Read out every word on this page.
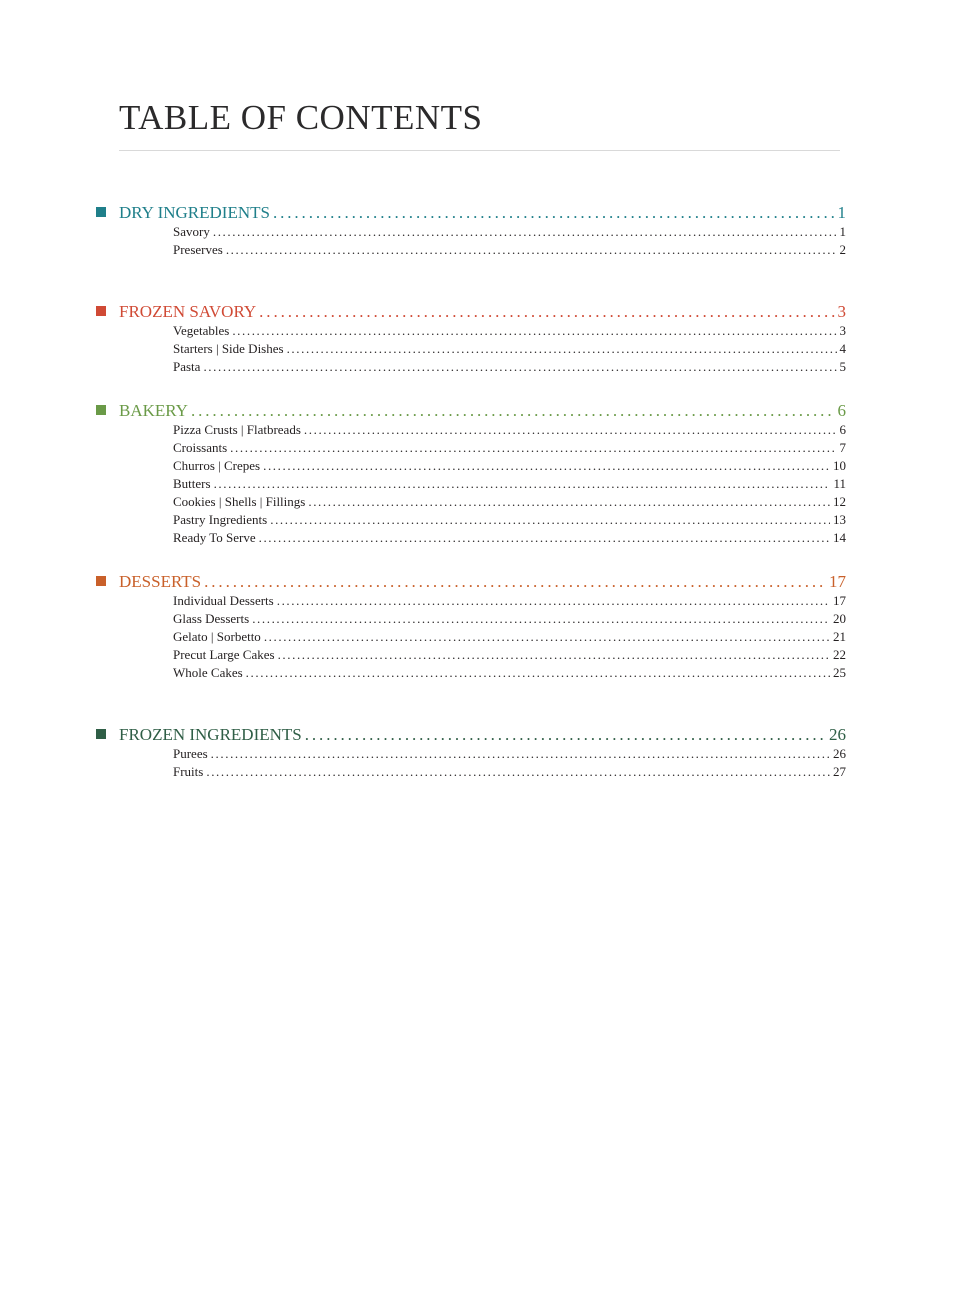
TABLE OF CONTENTS
DRY INGREDIENTS .....	1
Savory .....	1
Preserves .....	2
FROZEN SAVORY .....	3
Vegetables .....	3
Starters | Side Dishes .....	4
Pasta .....	5
BAKERY .....	6
Pizza Crusts | Flatbreads .....	6
Croissants .....	7
Churros | Crepes .....	10
Butters .....	11
Cookies | Shells | Fillings .....	12
Pastry Ingredients .....	13
Ready To Serve .....	14
DESSERTS .....	17
Individual Desserts .....	17
Glass Desserts .....	20
Gelato | Sorbetto .....	21
Precut Large Cakes .....	22
Whole Cakes .....	25
FROZEN INGREDIENTS .....	26
Purees .....	26
Fruits .....	27
